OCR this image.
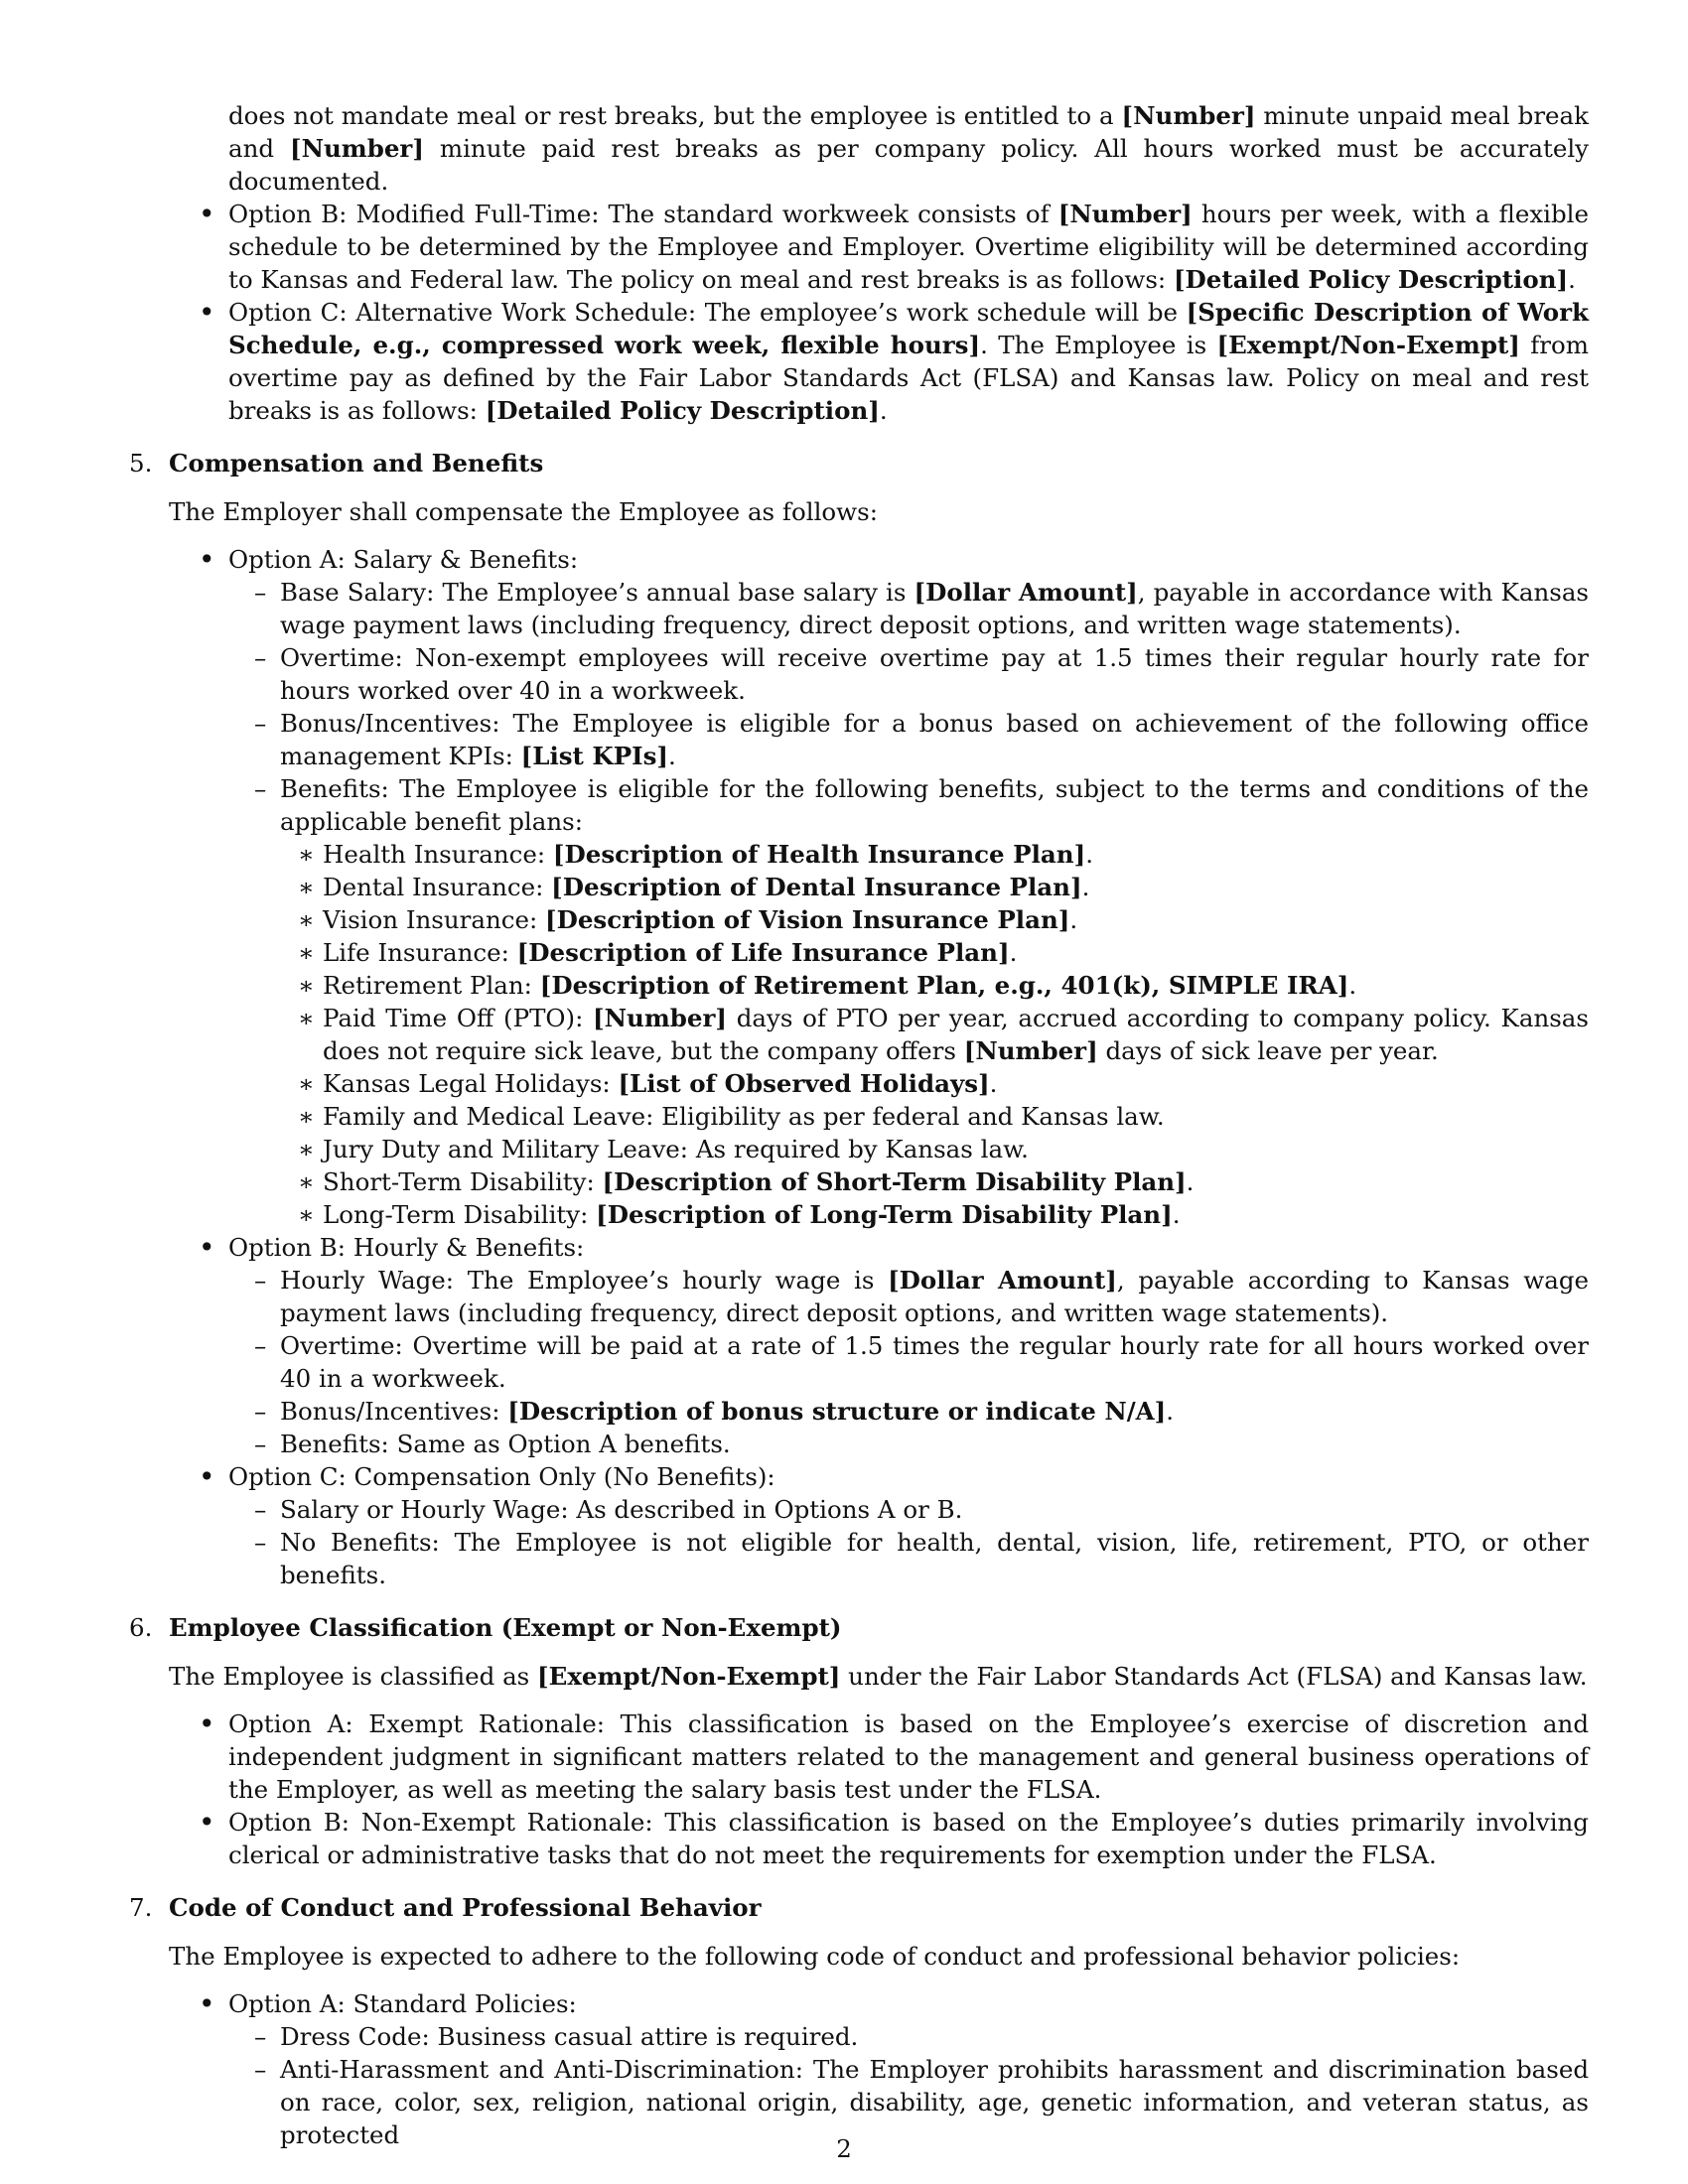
does not mandate meal or rest breaks, but the employee is entitled to a [Number] minute unpaid meal break and [Number] minute paid rest breaks as per company policy. All hours worked must be accurately documented.

• Option B: Modified Full-Time: The standard workweek consists of [Number] hours per week, with a flexible schedule to be determined by the Employee and Employer. Overtime eligibility will be determined according to Kansas and Federal law. The policy on meal and rest breaks is as follows: [Detailed Policy Description].
• Option C: Alternative Work Schedule: The employee’s work schedule will be [Specific Description of Work Schedule, e.g., compressed work week, flexible hours]. The Employee is [Exempt/Non-Exempt] from overtime pay as defined by the Fair Labor Standards Act (FLSA) and Kansas law. Policy on meal and rest breaks is as follows: [Detailed Policy Description].

5. Compensation and Benefits

The Employer shall compensate the Employee as follows:

• Option A: Salary & Benefits:
– Base Salary: The Employee’s annual base salary is [Dollar Amount], payable in accordance with Kansas wage payment laws (including frequency, direct deposit options, and written wage statements).
– Overtime: Non-exempt employees will receive overtime pay at 1.5 times their regular hourly rate for hours worked over 40 in a workweek.
– Bonus/Incentives: The Employee is eligible for a bonus based on achievement of the following office management KPIs: [List KPIs].
– Benefits: The Employee is eligible for the following benefits, subject to the terms and conditions of the applicable benefit plans:
∗ Health Insurance: [Description of Health Insurance Plan].
∗ Dental Insurance: [Description of Dental Insurance Plan].
∗ Vision Insurance: [Description of Vision Insurance Plan].
∗ Life Insurance: [Description of Life Insurance Plan].
∗ Retirement Plan: [Description of Retirement Plan, e.g., 401(k), SIMPLE IRA].
∗ Paid Time Off (PTO): [Number] days of PTO per year, accrued according to company policy. Kansas does not require sick leave, but the company offers [Number] days of sick leave per year.
∗ Kansas Legal Holidays: [List of Observed Holidays].
∗ Family and Medical Leave: Eligibility as per federal and Kansas law.
∗ Jury Duty and Military Leave: As required by Kansas law.
∗ Short-Term Disability: [Description of Short-Term Disability Plan].
∗ Long-Term Disability: [Description of Long-Term Disability Plan].
• Option B: Hourly & Benefits:
– Hourly Wage: The Employee’s hourly wage is [Dollar Amount], payable according to Kansas wage payment laws (including frequency, direct deposit options, and written wage statements).
– Overtime: Overtime will be paid at a rate of 1.5 times the regular hourly rate for all hours worked over 40 in a workweek.
– Bonus/Incentives: [Description of bonus structure or indicate N/A].
– Benefits: Same as Option A benefits.
• Option C: Compensation Only (No Benefits):
– Salary or Hourly Wage: As described in Options A or B.
– No Benefits: The Employee is not eligible for health, dental, vision, life, retirement, PTO, or other benefits.

6. Employee Classification (Exempt or Non-Exempt)

The Employee is classified as [Exempt/Non-Exempt] under the Fair Labor Standards Act (FLSA) and Kansas law.

• Option A: Exempt Rationale: This classification is based on the Employee’s exercise of discretion and independent judgment in significant matters related to the management and general business operations of the Employer, as well as meeting the salary basis test under the FLSA.
• Option B: Non-Exempt Rationale: This classification is based on the Employee’s duties primarily involving clerical or administrative tasks that do not meet the requirements for exemption under the FLSA.

7. Code of Conduct and Professional Behavior

The Employee is expected to adhere to the following code of conduct and professional behavior policies:

• Option A: Standard Policies:
– Dress Code: Business casual attire is required.
– Anti-Harassment and Anti-Discrimination: The Employer prohibits harassment and discrimination based on race, color, sex, religion, national origin, disability, age, genetic information, and veteran status, as protected	2
